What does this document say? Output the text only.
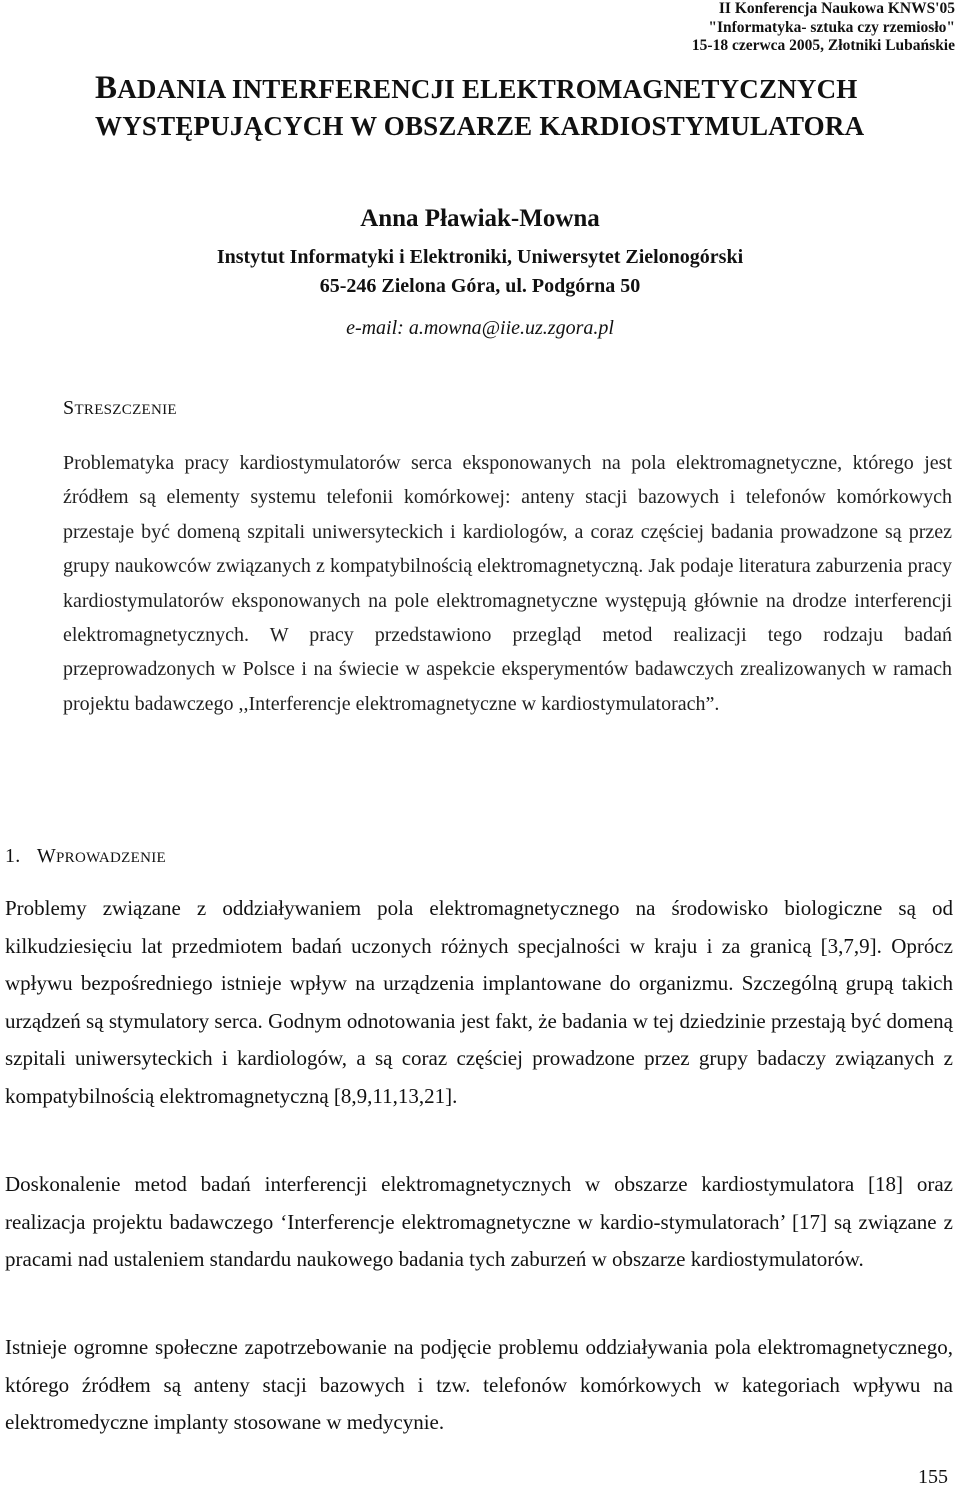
II Konferencja Naukowa KNWS'05
"Informatyka- sztuka czy rzemiosło"
15-18 czerwca 2005, Złotniki Lubańskie
BADANIA INTERFERENCJI ELEKTROMAGNETYCZNYCH
WYSTĘPUJĄCYCH W OBSZARZE KARDIOSTYMULATORA

Anna Pławiak-Mowna

Instytut Informatyki i Elektroniki, Uniwersytet Zielonogórski
65-246 Zielona Góra, ul. Podgórna 50

e-mail: a.mowna@iie.uz.zgora.pl

STRESZCZENIE

Problematyka pracy kardiostymulatorów serca eksponowanych na pola elektromagnetyczne, którego jest źródłem są elementy systemu telefonii komórkowej: anteny stacji bazowych i telefonów komórkowych przestaje być domeną szpitali uniwersyteckich i kardiologów, a coraz częściej badania prowadzone są przez grupy naukowców związanych z kompatybilnością elektromagnetyczną. Jak podaje literatura zaburzenia pracy kardiostymulatorów eksponowanych na pole elektromagnetyczne występują głównie na drodze interferencji elektromagnetycznych. W pracy przedstawiono przegląd metod realizacji tego rodzaju badań przeprowadzonych w Polsce i na świecie w aspekcie eksperymentów badawczych zrealizowanych w ramach projektu badawczego ,,Interferencje elektromagnetyczne w kardiostymulatorach”.

1. WPROWADZENIE

Problemy związane z oddziaływaniem pola elektromagnetycznego na środowisko biologiczne są od kilkudziesięciu lat przedmiotem badań uczonych różnych specjalności w kraju i za granicą [3,7,9]. Oprócz wpływu bezpośredniego istnieje wpływ na urządzenia implantowane do organizmu. Szczególną grupą takich urządzeń są stymulatory serca. Godnym odnotowania jest fakt, że badania w tej dziedzinie przestają być domeną szpitali uniwersyteckich i kardiologów, a są coraz częściej prowadzone przez grupy badaczy związanych z kompatybilnością elektromagnetyczną [8,9,11,13,21].

Doskonalenie metod badań interferencji elektromagnetycznych w obszarze kardiostymulatora [18] oraz realizacja projektu badawczego ‘Interferencje elektromagnetyczne w kardio-stymulatorach’ [17] są związane z pracami nad ustaleniem standardu naukowego badania tych zaburzeń w obszarze kardiostymulatorów.

Istnieje ogromne społeczne zapotrzebowanie na podjęcie problemu oddziaływania pola elektromagnetycznego, którego źródłem są anteny stacji bazowych i tzw. telefonów komórkowych w kategoriach wpływu na elektromedyczne implanty stosowane w medycynie.

155
